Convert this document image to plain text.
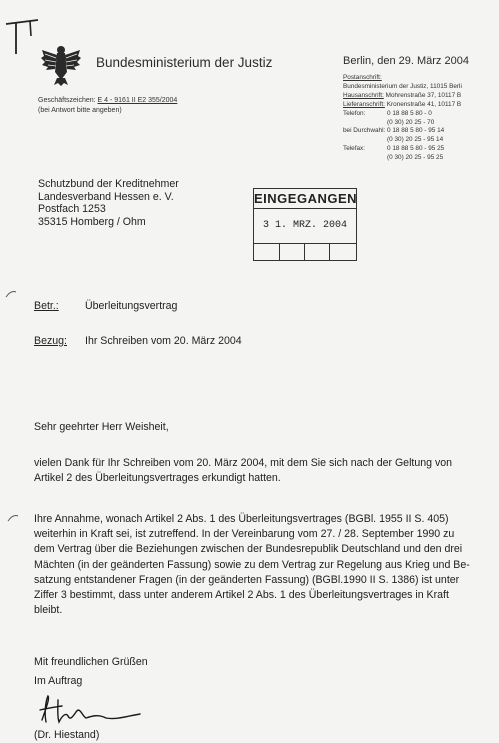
Bundesministerium der Justiz	Berlin, den 29. März 2004
Geschäftszeichen: E 4 - 9161 II E2 355/2004
(bei Antwort bitte angeben)
Postanschrift:
Bundesministerium der Justiz, 11015 Berli
Hausanschrift: Mohrenstraße 37, 10117 B
Lieferanschrift: Kronenstraße 41, 10117 B
Telefon:	0 18 88 5 80 - 0
(0 30) 20 25 - 70
bei Durchwahl: 0 18 88 5 80 - 95 14
(0 30) 20 25 - 95 14
Telefax:	0 18 88 5 80 - 95 25
(0 30) 20 25 - 95 25
Schutzbund der Kreditnehmer
Landesverband Hessen e. V.
Postfach 1253
35315 Homberg / Ohm
EINGEGANGEN
3 1. MRZ. 2004
Betr.: Überleitungsvertrag
Bezug: Ihr Schreiben vom 20. März 2004
Sehr geehrter Herr Weisheit,
vielen Dank für Ihr Schreiben vom 20. März 2004, mit dem Sie sich nach der Geltung von
Artikel 2 des Überleitungsvertrages erkundigt hatten.
Ihre Annahme, wonach Artikel 2 Abs. 1 des Überleitungsvertrages (BGBl. 1955 II S. 405)
weiterhin in Kraft sei, ist zutreffend. In der Vereinbarung vom 27. / 28. September 1990 zu
dem Vertrag über die Beziehungen zwischen der Bundesrepublik Deutschland und den drei
Mächten (in der geänderten Fassung) sowie zu dem Vertrag zur Regelung aus Krieg und Be-
satzung entstandener Fragen (in der geänderten Fassung) (BGBl.1990 II S. 1386) ist unter
Ziffer 3 bestimmt, dass unter anderem Artikel 2 Abs. 1 des Überleitungsvertrages in Kraft
bleibt.
Mit freundlichen Grüßen
Im Auftrag
(Dr. Hiestand)
